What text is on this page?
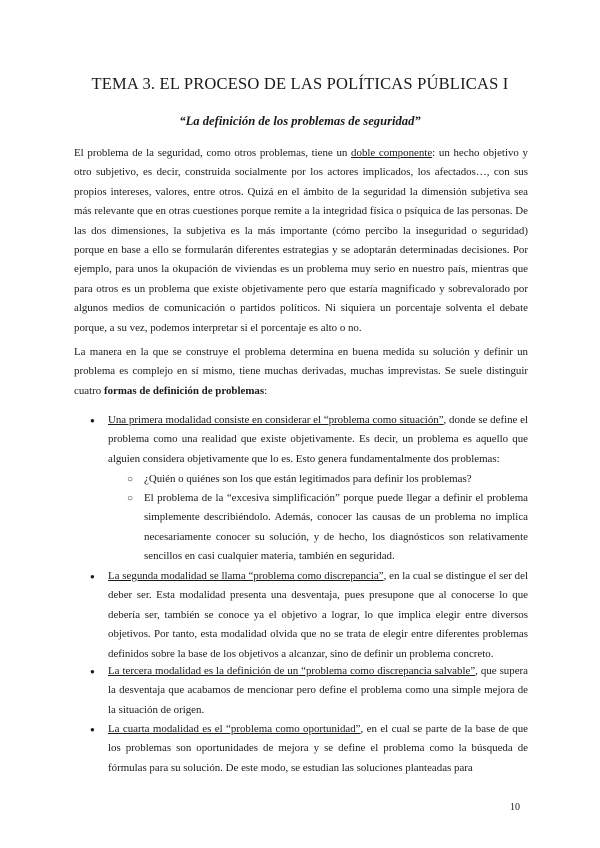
TEMA 3. EL PROCESO DE LAS POLÍTICAS PÚBLICAS I
“La definición de los problemas de seguridad”
El problema de la seguridad, como otros problemas, tiene un doble componente: un hecho objetivo y otro subjetivo, es decir, construida socialmente por los actores implicados, los afectados…, con sus propios intereses, valores, entre otros. Quizá en el ámbito de la seguridad la dimensión subjetiva sea más relevante que en otras cuestiones porque remite a la integridad física o psíquica de las personas. De las dos dimensiones, la subjetiva es la más importante (cómo percibo la inseguridad o seguridad) porque en base a ello se formularán diferentes estrategias y se adoptarán determinadas decisiones. Por ejemplo, para unos la okupación de viviendas es un problema muy serio en nuestro país, mientras que para otros es un problema que existe objetivamente pero que estaría magnificado y sobrevalorado por algunos medios de comunicación o partidos políticos. Ni siquiera un porcentaje solventa el debate porque, a su vez, podemos interpretar si el porcentaje es alto o no.
La manera en la que se construye el problema determina en buena medida su solución y definir un problema es complejo en sí mismo, tiene muchas derivadas, muchas imprevistas. Se suele distinguir cuatro formas de definición de problemas:
● Una primera modalidad consiste en considerar el “problema como situación”, donde se define el problema como una realidad que existe objetivamente. Es decir, un problema es aquello que alguien considera objetivamente que lo es. Esto genera fundamentalmente dos problemas:
○ ¿Quién o quiénes son los que están legitimados para definir los problemas?
○ El problema de la “excesiva simplificación” porque puede llegar a definir el problema simplemente describiéndolo. Además, conocer las causas de un problema no implica necesariamente conocer su solución, y de hecho, los diagnósticos son relativamente sencillos en casi cualquier materia, también en seguridad.
● La segunda modalidad se llama “problema como discrepancia”, en la cual se distingue el ser del deber ser. Esta modalidad presenta una desventaja, pues presupone que al conocerse lo que debería ser, también se conoce ya el objetivo a lograr, lo que implica elegir entre diversos objetivos. Por tanto, esta modalidad olvida que no se trata de elegir entre diferentes problemas definidos sobre la base de los objetivos a alcanzar, sino de definir un problema concreto.
● La tercera modalidad es la definición de un “problema como discrepancia salvable”, que supera la desventaja que acabamos de mencionar pero define el problema como una simple mejora de la situación de origen.
● La cuarta modalidad es el “problema como oportunidad”, en el cual se parte de la base de que los problemas son oportunidades de mejora y se define el problema como la búsqueda de fórmulas para su solución. De este modo, se estudian las soluciones planteadas para
10
